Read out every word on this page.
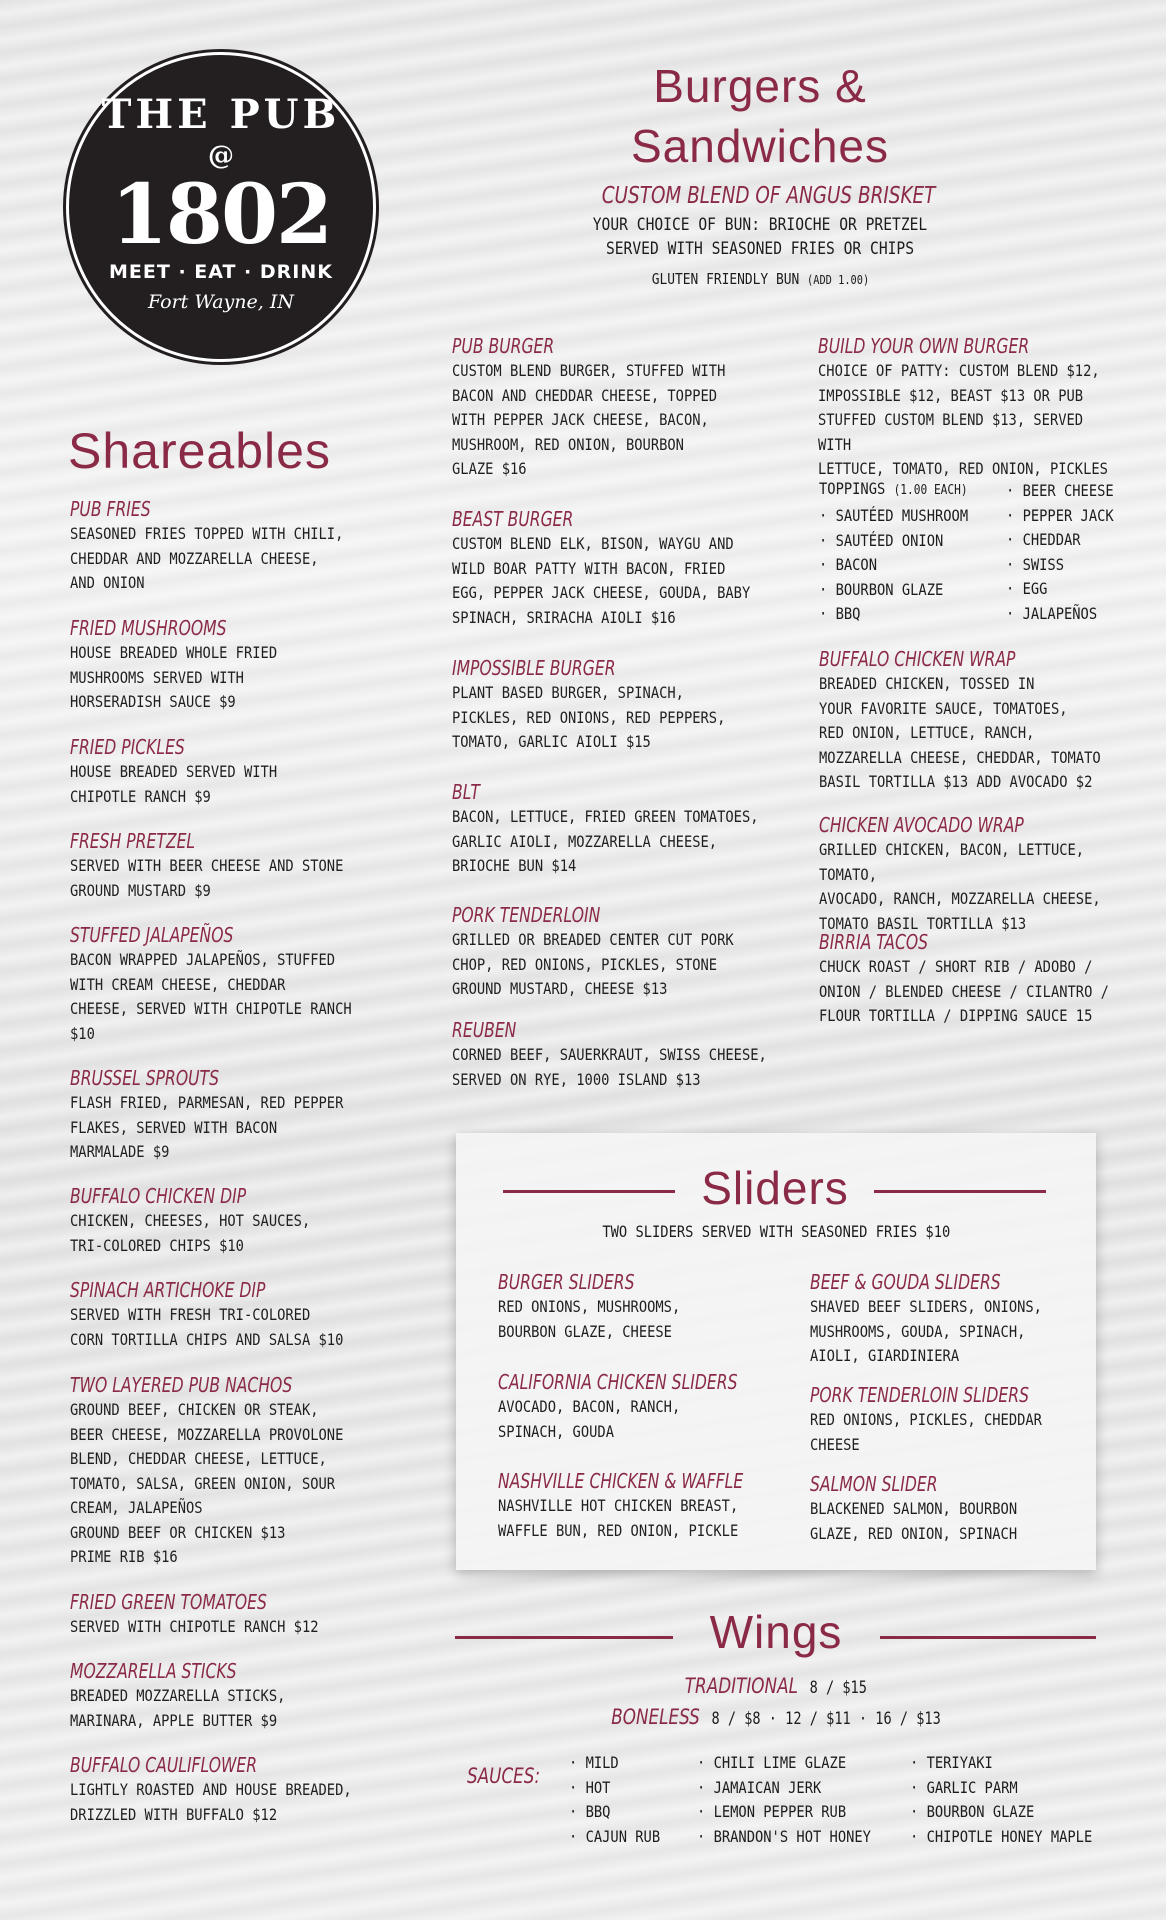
THE PUB
@
1802
MEET · EAT · DRINK
Fort Wayne, IN
Burgers &
Sandwiches
CUSTOM BLEND OF ANGUS BRISKET
YOUR CHOICE OF BUN: BRIOCHE OR PRETZEL
SERVED WITH SEASONED FRIES OR CHIPS
GLUTEN FRIENDLY BUN (ADD 1.00)
PUB BURGER
CUSTOM BLEND BURGER, STUFFED WITH
BACON AND CHEDDAR CHEESE, TOPPED
WITH PEPPER JACK CHEESE, BACON,
MUSHROOM, RED ONION, BOURBON
GLAZE $16
BEAST BURGER
CUSTOM BLEND ELK, BISON, WAYGU AND
WILD BOAR PATTY WITH BACON, FRIED
EGG, PEPPER JACK CHEESE, GOUDA, BABY
SPINACH, SRIRACHA AIOLI $16
IMPOSSIBLE BURGER
PLANT BASED BURGER, SPINACH,
PICKLES, RED ONIONS, RED PEPPERS,
TOMATO, GARLIC AIOLI $15
BLT
BACON, LETTUCE, FRIED GREEN TOMATOES,
GARLIC AIOLI, MOZZARELLA CHEESE,
BRIOCHE BUN $14
PORK TENDERLOIN
GRILLED OR BREADED CENTER CUT PORK
CHOP, RED ONIONS, PICKLES, STONE
GROUND MUSTARD, CHEESE $13
REUBEN
CORNED BEEF, SAUERKRAUT, SWISS CHEESE,
SERVED ON RYE, 1000 ISLAND $13
BUILD YOUR OWN BURGER
CHOICE OF PATTY: CUSTOM BLEND $12,
IMPOSSIBLE $12, BEAST $13 OR PUB
STUFFED CUSTOM BLEND $13, SERVED WITH
LETTUCE, TOMATO, RED ONION, PICKLES
TOPPINGS (1.00 EACH)
· SAUTÉED MUSHROOM
· SAUTÉED ONION
· BACON
· BOURBON GLAZE
· BBQ
· BEER CHEESE
· PEPPER JACK
· CHEDDAR
· SWISS
· EGG
· JALAPEÑOS
BUFFALO CHICKEN WRAP
BREADED CHICKEN, TOSSED IN
YOUR FAVORITE SAUCE, TOMATOES,
RED ONION, LETTUCE, RANCH,
MOZZARELLA CHEESE, CHEDDAR, TOMATO
BASIL TORTILLA $13 ADD AVOCADO $2
CHICKEN AVOCADO WRAP
GRILLED CHICKEN, BACON, LETTUCE, TOMATO,
AVOCADO, RANCH, MOZZARELLA CHEESE,
TOMATO BASIL TORTILLA $13
BIRRIA TACOS
CHUCK ROAST / SHORT RIB / ADOBO /
ONION / BLENDED CHEESE / CILANTRO /
FLOUR TORTILLA / DIPPING SAUCE 15
Shareables
PUB FRIES
SEASONED FRIES TOPPED WITH CHILI,
CHEDDAR AND MOZZARELLA CHEESE,
AND ONION
FRIED MUSHROOMS
HOUSE BREADED WHOLE FRIED
MUSHROOMS SERVED WITH
HORSERADISH SAUCE $9
FRIED PICKLES
HOUSE BREADED SERVED WITH
CHIPOTLE RANCH $9
FRESH PRETZEL
SERVED WITH BEER CHEESE AND STONE
GROUND MUSTARD $9
STUFFED JALAPEÑOS
BACON WRAPPED JALAPEÑOS, STUFFED
WITH CREAM CHEESE, CHEDDAR
CHEESE, SERVED WITH CHIPOTLE RANCH
$10
BRUSSEL SPROUTS
FLASH FRIED, PARMESAN, RED PEPPER
FLAKES, SERVED WITH BACON
MARMALADE $9
BUFFALO CHICKEN DIP
CHICKEN, CHEESES, HOT SAUCES,
TRI-COLORED CHIPS $10
SPINACH ARTICHOKE DIP
SERVED WITH FRESH TRI-COLORED
CORN TORTILLA CHIPS AND SALSA $10
TWO LAYERED PUB NACHOS
GROUND BEEF, CHICKEN OR STEAK,
BEER CHEESE, MOZZARELLA PROVOLONE
BLEND, CHEDDAR CHEESE, LETTUCE,
TOMATO, SALSA, GREEN ONION, SOUR
CREAM, JALAPEÑOS
GROUND BEEF OR CHICKEN $13
PRIME RIB $16
FRIED GREEN TOMATOES
SERVED WITH CHIPOTLE RANCH $12
MOZZARELLA STICKS
BREADED MOZZARELLA STICKS,
MARINARA, APPLE BUTTER $9
BUFFALO CAULIFLOWER
LIGHTLY ROASTED AND HOUSE BREADED,
DRIZZLED WITH BUFFALO $12
Sliders
TWO SLIDERS SERVED WITH SEASONED FRIES $10
BURGER SLIDERS
RED ONIONS, MUSHROOMS,
BOURBON GLAZE, CHEESE
CALIFORNIA CHICKEN SLIDERS
AVOCADO, BACON, RANCH,
SPINACH, GOUDA
NASHVILLE CHICKEN & WAFFLE
NASHVILLE HOT CHICKEN BREAST,
WAFFLE BUN, RED ONION, PICKLE
BEEF & GOUDA SLIDERS
SHAVED BEEF SLIDERS, ONIONS,
MUSHROOMS, GOUDA, SPINACH,
AIOLI, GIARDINIERA
PORK TENDERLOIN SLIDERS
RED ONIONS, PICKLES, CHEDDAR
CHEESE
SALMON SLIDER
BLACKENED SALMON, BOURBON
GLAZE, RED ONION, SPINACH
Wings
TRADITIONAL 8 / $15
BONELESS 8 / $8 · 12 / $11 · 16 / $13
SAUCES:
· MILD
· HOT
· BBQ
· CAJUN RUB
· CHILI LIME GLAZE
· JAMAICAN JERK
· LEMON PEPPER RUB
· BRANDON'S HOT HONEY
· TERIYAKI
· GARLIC PARM
· BOURBON GLAZE
· CHIPOTLE HONEY MAPLE
